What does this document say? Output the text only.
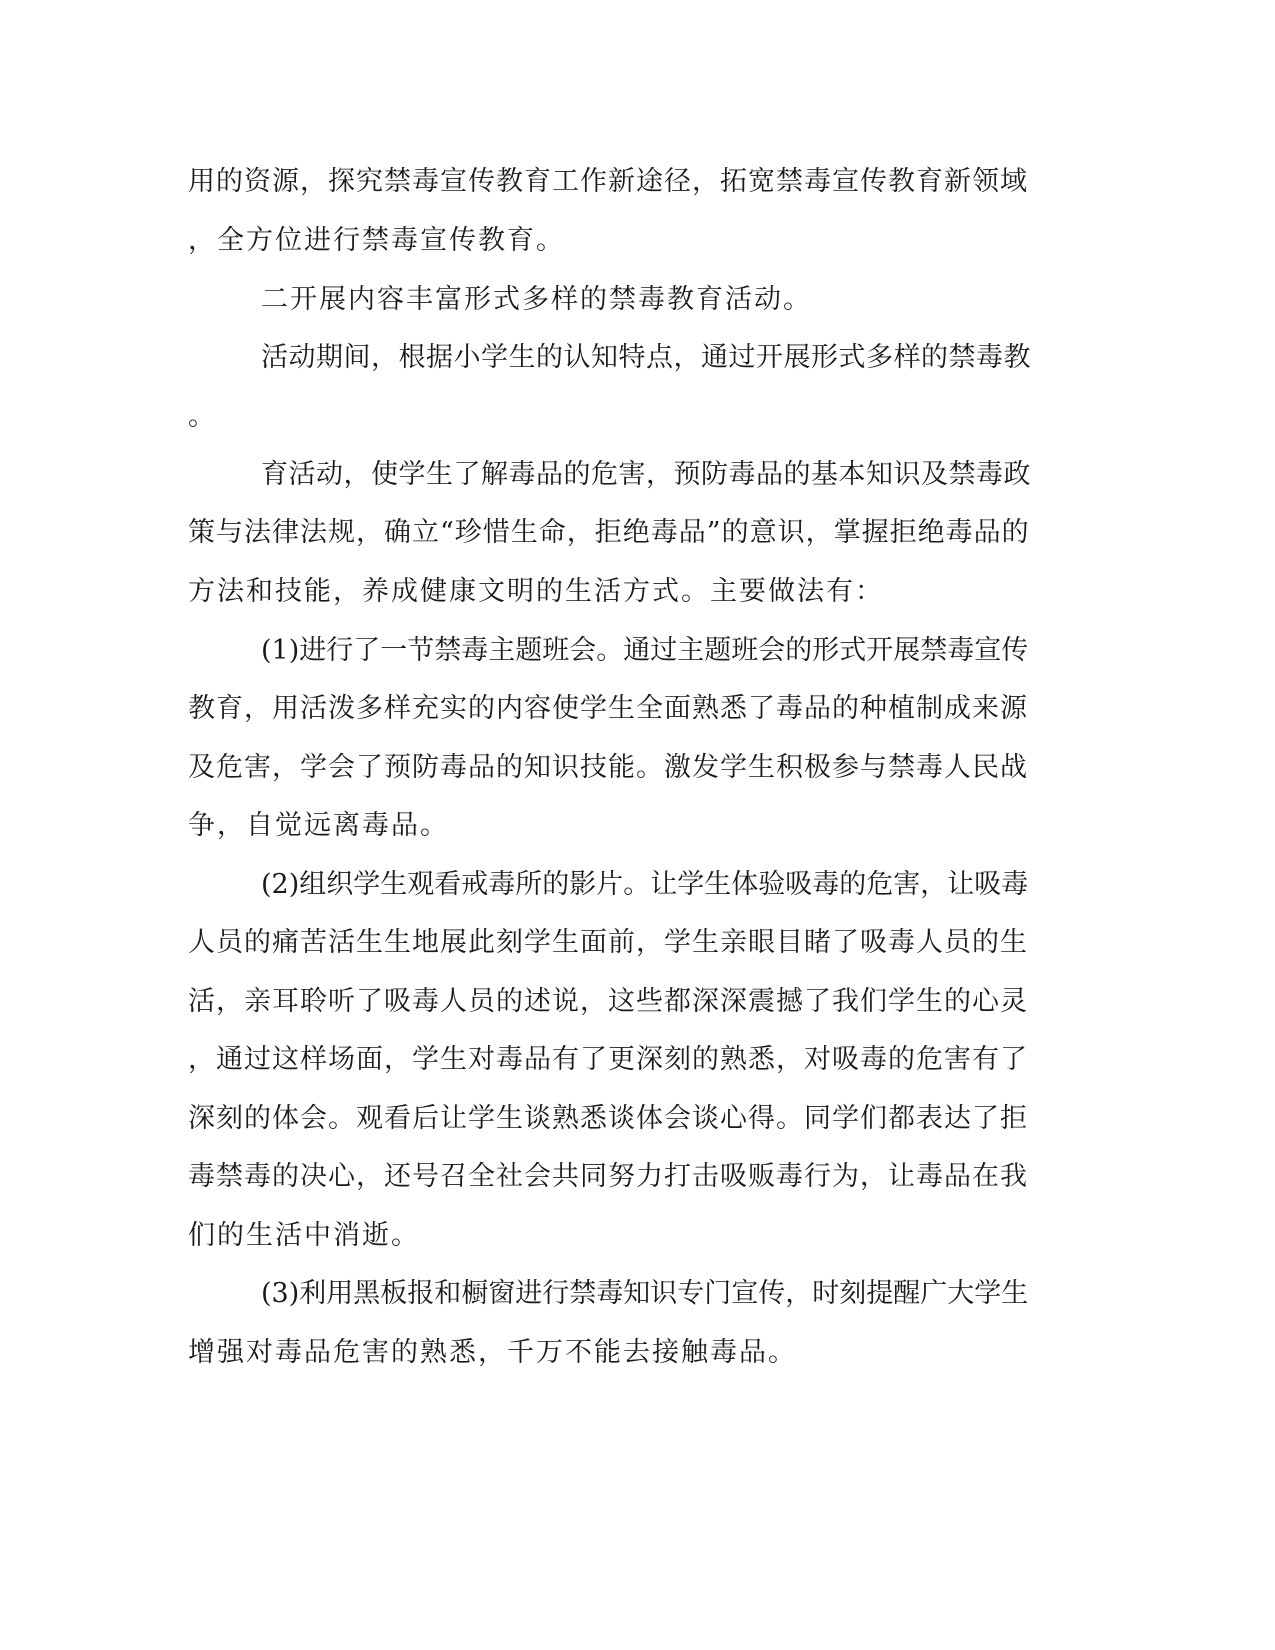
用的资源，探究禁毒宣传教育工作新途径，拓宽禁毒宣传教育新领域
，全方位进行禁毒宣传教育。
二开展内容丰富形式多样的禁毒教育活动。
活动期间，根据小学生的认知特点，通过开展形式多样的禁毒教
。
育活动，使学生了解毒品的危害，预防毒品的基本知识及禁毒政
策与法律法规，确立“珍惜生命，拒绝毒品”的意识，掌握拒绝毒品的
方法和技能，养成健康文明的生活方式。主要做法有：
(1)进行了一节禁毒主题班会。通过主题班会的形式开展禁毒宣传
教育，用活泼多样充实的内容使学生全面熟悉了毒品的种植制成来源
及危害，学会了预防毒品的知识技能。激发学生积极参与禁毒人民战
争，自觉远离毒品。
(2)组织学生观看戒毒所的影片。让学生体验吸毒的危害，让吸毒
人员的痛苦活生生地展此刻学生面前，学生亲眼目睹了吸毒人员的生
活，亲耳聆听了吸毒人员的述说，这些都深深震撼了我们学生的心灵
，通过这样场面，学生对毒品有了更深刻的熟悉，对吸毒的危害有了
深刻的体会。观看后让学生谈熟悉谈体会谈心得。同学们都表达了拒
毒禁毒的决心，还号召全社会共同努力打击吸贩毒行为，让毒品在我
们的生活中消逝。
(3)利用黑板报和橱窗进行禁毒知识专门宣传，时刻提醒广大学生
增强对毒品危害的熟悉，千万不能去接触毒品。
